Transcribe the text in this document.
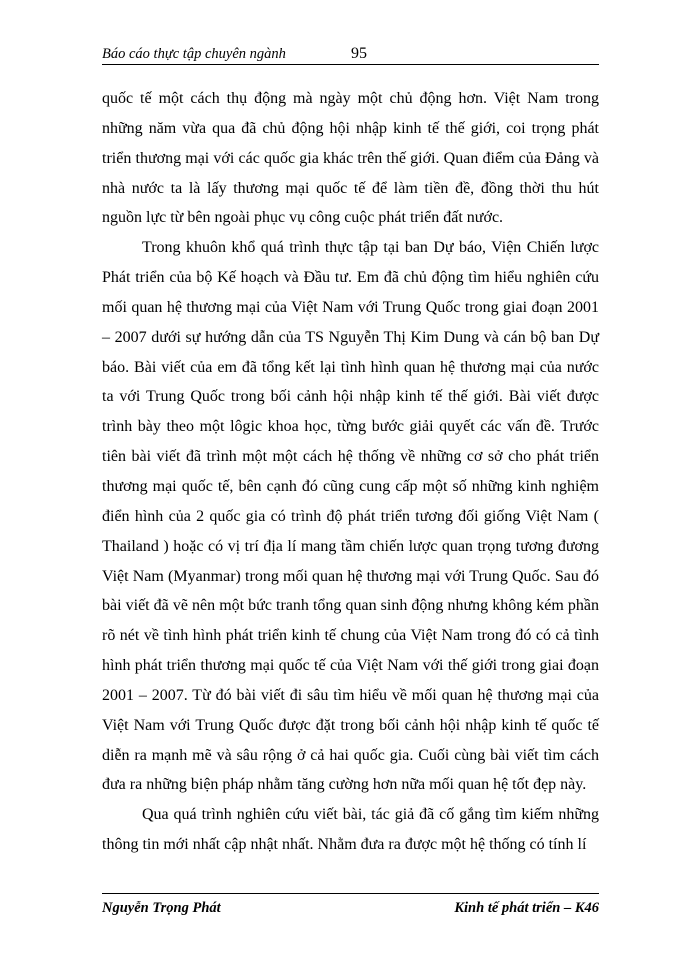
Báo cáo thực tập chuyên ngành	95

quốc tế một cách thụ động mà ngày một chủ động hơn. Việt Nam trong những năm vừa qua đã chủ động hội nhập kinh tế thế giới, coi trọng phát triển thương mại với các quốc gia khác trên thế giới. Quan điểm của Đảng và nhà nước ta là lấy thương mại quốc tế để làm tiền đề, đồng thời thu hút nguồn lực từ bên ngoài phục vụ công cuộc phát triển đất nước.

Trong khuôn khổ quá trình thực tập tại ban Dự báo, Viện Chiến lược Phát triển của bộ Kế hoạch và Đầu tư. Em đã chủ động tìm hiểu nghiên cứu mối quan hệ thương mại của Việt Nam với Trung Quốc trong giai đoạn 2001 – 2007 dưới sự hướng dẫn của TS Nguyễn Thị Kim Dung và cán bộ ban Dự báo. Bài viết của em đã tổng kết lại tình hình quan hệ thương mại của nước ta với Trung Quốc trong bối cảnh hội nhập kinh tế thế giới. Bài viết được trình bày theo một lôgic khoa học, từng bước giải quyết các vấn đề. Trước tiên bài viết đã trình một một cách hệ thống về những cơ sở cho phát triển thương mại quốc tế, bên cạnh đó cũng cung cấp một số những kinh nghiệm điển hình của 2 quốc gia có trình độ phát triển tương đối giống Việt Nam ( Thailand ) hoặc có vị trí địa lí mang tầm chiến lược quan trọng tương đương Việt Nam (Myanmar) trong mối quan hệ thương mại với Trung Quốc. Sau đó bài viết đã vẽ nên một bức tranh tổng quan sinh động nhưng không kém phần rõ nét về tình hình phát triển kinh tế chung của Việt Nam trong đó có cả tình hình phát triển thương mại quốc tế của Việt Nam với thế giới trong giai đoạn 2001 – 2007. Từ đó bài viết đi sâu tìm hiểu về mối quan hệ thương mại của Việt Nam với Trung Quốc được đặt trong bối cảnh hội nhập kinh tế quốc tế diễn ra mạnh mẽ và sâu rộng ở cả hai quốc gia. Cuối cùng bài viết tìm cách đưa ra những biện pháp nhằm tăng cường hơn nữa mối quan hệ tốt đẹp này.

Qua quá trình nghiên cứu viết bài, tác giả đã cố gắng tìm kiếm những thông tin mới nhất cập nhật nhất. Nhằm đưa ra được một hệ thống có tính lí

Nguyễn Trọng Phát	Kinh tế phát triển – K46
